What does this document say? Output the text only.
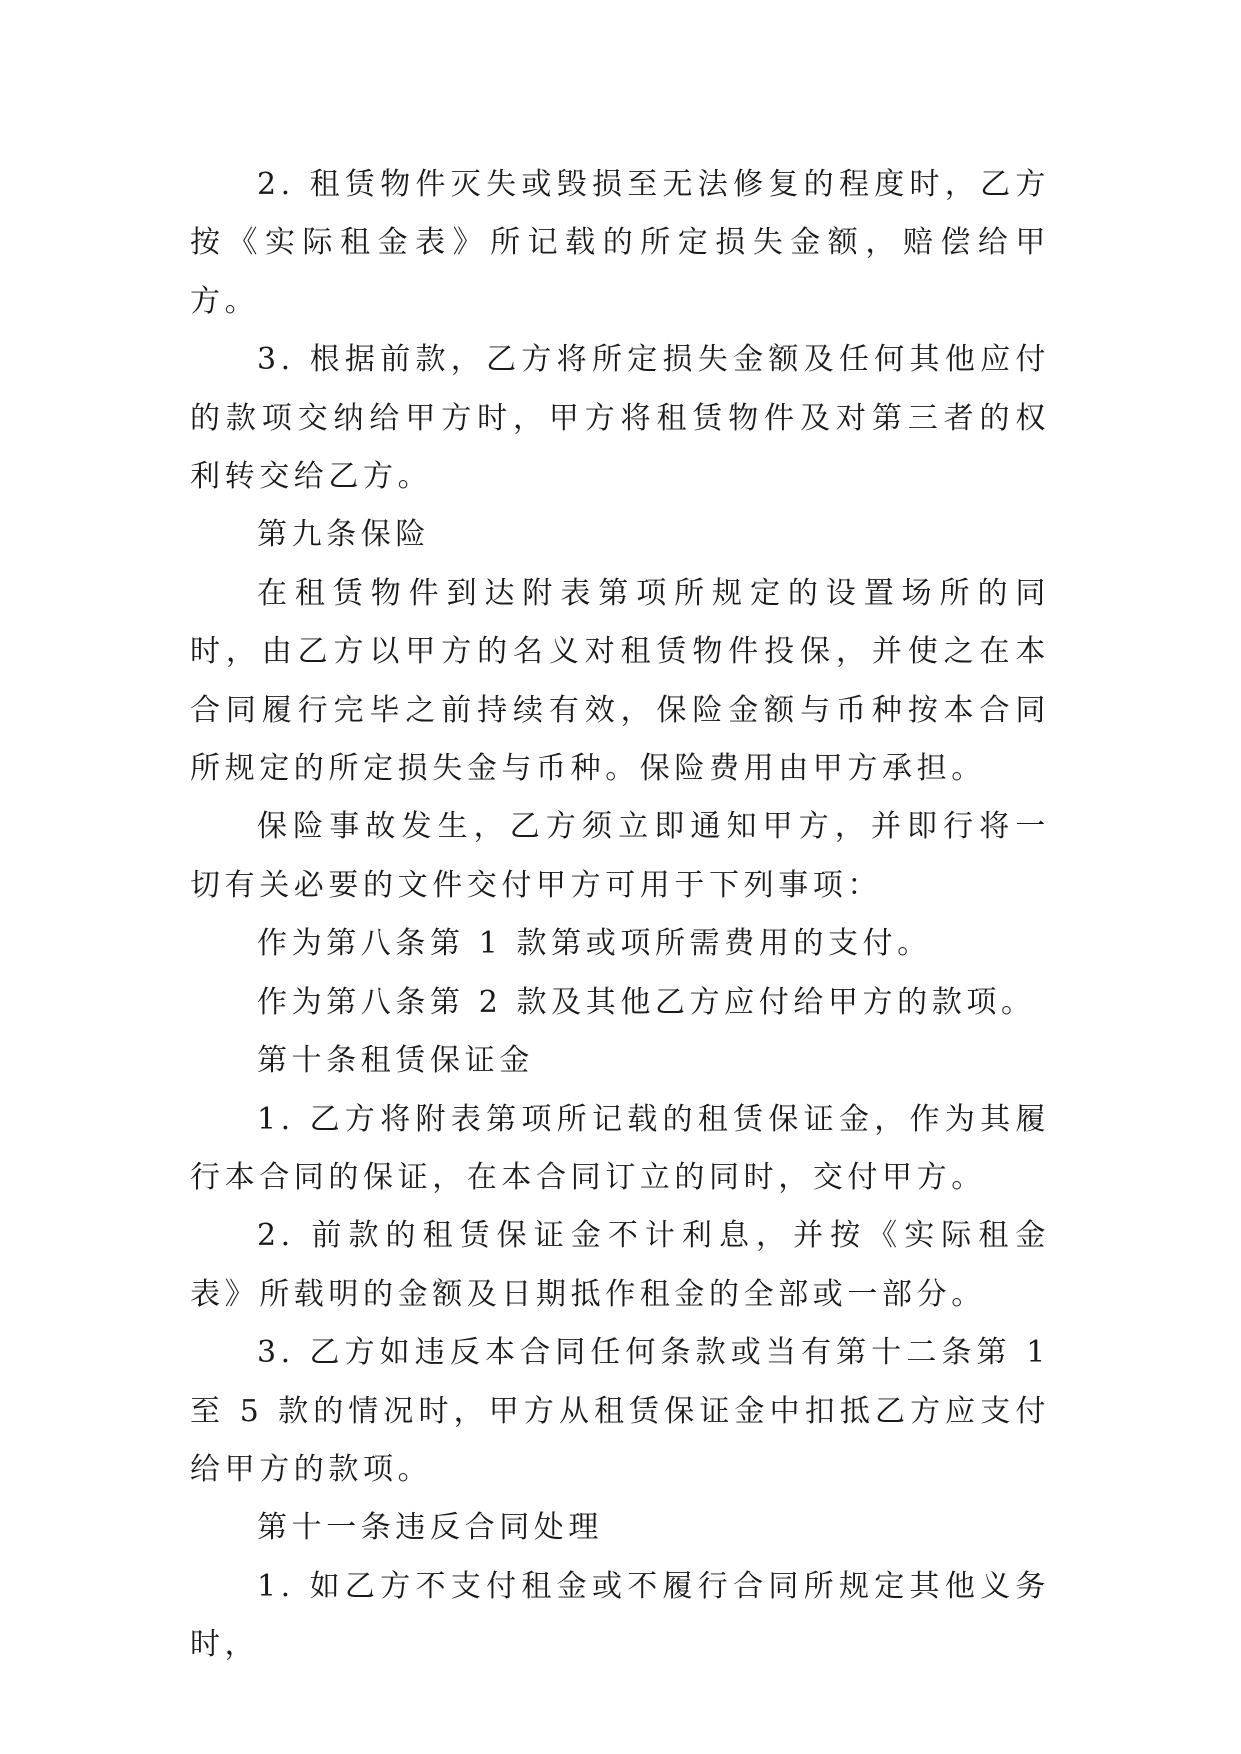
2. 租赁物件灭失或毁损至无法修复的程度时，乙方按《实际租金表》所记载的所定损失金额，赔偿给甲方。

3. 根据前款，乙方将所定损失金额及任何其他应付的款项交纳给甲方时，甲方将租赁物件及对第三者的权利转交给乙方。

第九条保险

在租赁物件到达附表第项所规定的设置场所的同时，由乙方以甲方的名义对租赁物件投保，并使之在本合同履行完毕之前持续有效，保险金额与币种按本合同所规定的所定损失金与币种。保险费用由甲方承担。

保险事故发生，乙方须立即通知甲方，并即行将一切有关必要的文件交付甲方可用于下列事项：

作为第八条第 1 款第或项所需费用的支付。

作为第八条第 2 款及其他乙方应付给甲方的款项。

第十条租赁保证金

1. 乙方将附表第项所记载的租赁保证金，作为其履行本合同的保证，在本合同订立的同时，交付甲方。

2. 前款的租赁保证金不计利息，并按《实际租金表》所载明的金额及日期抵作租金的全部或一部分。

3. 乙方如违反本合同任何条款或当有第十二条第 1 至 5 款的情况时，甲方从租赁保证金中扣抵乙方应支付给甲方的款项。

第十一条违反合同处理

1. 如乙方不支付租金或不履行合同所规定其他义务时，
